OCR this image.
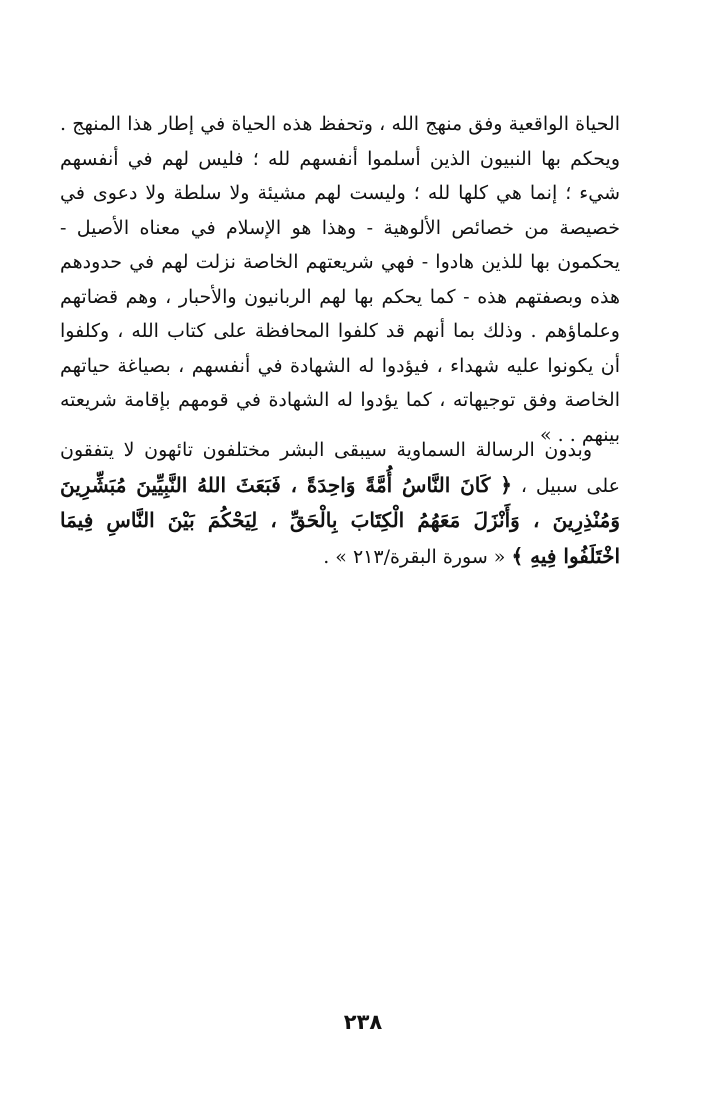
الحياة الواقعية وفق منهج الله ، وتحفظ هذه الحياة في إطار هذا المنهج . ويحكم بها النبيون الذين أسلموا أنفسهم لله ؛ فليس لهم في أنفسهم شيء ؛ إنما هي كلها لله ؛ وليست لهم مشيئة ولا سلطة ولا دعوى في خصيصة من خصائص الألوهية - وهذا هو الإسلام في معناه الأصيل - يحكمون بها للذين هادوا - فهي شريعتهم الخاصة نزلت لهم في حدودهم هذه وبصفتهم هذه - كما يحكم بها لهم الربانيون والأحبار ، وهم قضاتهم وعلماؤهم . وذلك بما أنهم قد كلفوا المحافظة على كتاب الله ، وكلفوا أن يكونوا عليه شهداء ، فيؤدوا له الشهادة في أنفسهم ، بصياغة حياتهم الخاصة وفق توجيهاته ، كما يؤدوا له الشهادة في قومهم بإقامة شريعته بينهم . . »

وبدون الرسالة السماوية سيبقى البشر مختلفون تائهون لا يتفقون على سبيل ، ﴿ كَانَ النَّاسُ أُمَّةً وَاحِدَةً ، فَبَعَثَ اللهُ النَّبِيِّينَ مُبَشِّرِينَ وَمُنْذِرِينَ ، وَأَنْزَلَ مَعَهُمُ الْكِتَابَ بِالْحَقِّ ، لِيَحْكُمَ بَيْنَ النَّاسِ فِيمَا اخْتَلَفُوا فِيهِ ﴾ « سورة البقرة/٢١٣ » .

٢٣٨
